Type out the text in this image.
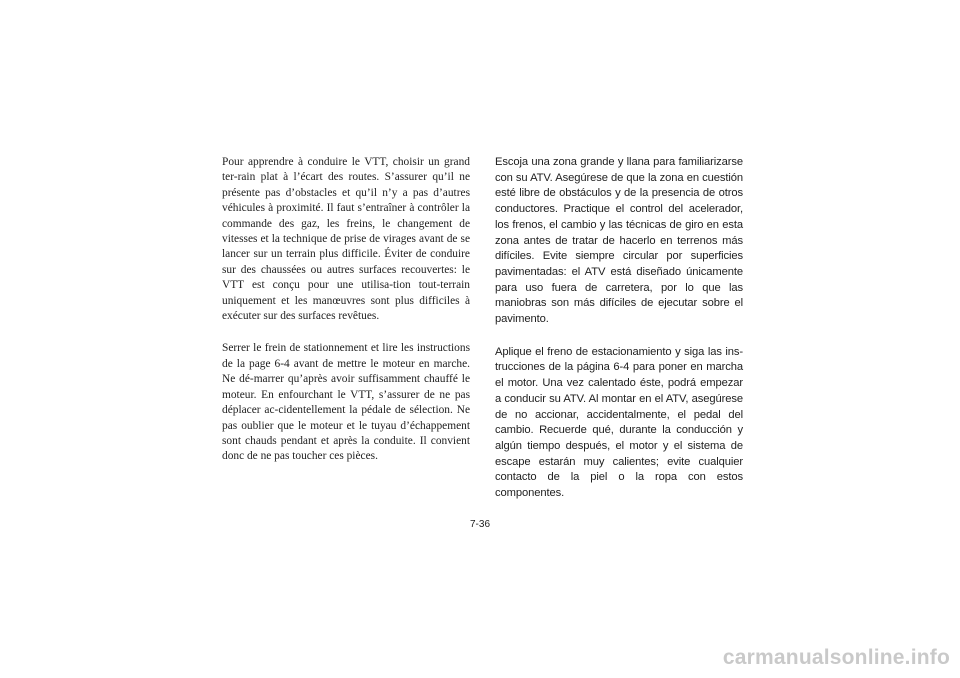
Pour apprendre à conduire le VTT, choisir un grand ter-rain plat à l’écart des routes. S’assurer qu’il ne présente pas d’obstacles et qu’il n’y a pas d’autres véhicules à proximité. Il faut s’entraîner à contrôler la commande des gaz, les freins, le changement de vitesses et la technique de prise de virages avant de se lancer sur un terrain plus difficile. Éviter de conduire sur des chaussées ou autres surfaces recouvertes: le VTT est conçu pour une utilisa-tion tout-terrain uniquement et les manœuvres sont plus difficiles à exécuter sur des surfaces revêtues.

Serrer le frein de stationnement et lire les instructions de la page 6-4 avant de mettre le moteur en marche. Ne dé-marrer qu’après avoir suffisamment chauffé le moteur. En enfourchant le VTT, s’assurer de ne pas déplacer ac-cidentellement la pédale de sélection. Ne pas oublier que le moteur et le tuyau d’échappement sont chauds pendant et après la conduite. Il convient donc de ne pas toucher ces pièces.

Escoja una zona grande y llana para familiarizarse con su ATV. Asegúrese de que la zona en cuestión esté libre de obstáculos y de la presencia de otros conductores. Practique el control del acelerador, los frenos, el cambio y las técnicas de giro en esta zona antes de tratar de hacerlo en terrenos más difíciles. Evite siempre circular por superficies pavimentadas: el ATV está diseñado únicamente para uso fuera de carretera, por lo que las maniobras son más difíciles de ejecutar sobre el pavimento.

Aplique el freno de estacionamiento y siga las ins-trucciones de la página 6-4 para poner en marcha el motor. Una vez calentado éste, podrá empezar a conducir su ATV. Al montar en el ATV, asegúrese de no accionar, accidentalmente, el pedal del cambio. Recuerde qué, durante la conducción y algún tiempo después, el motor y el sistema de escape estarán muy calientes; evite cualquier contacto de la piel o la ropa con estos componentes.

7-36
carmanualsonline.info
